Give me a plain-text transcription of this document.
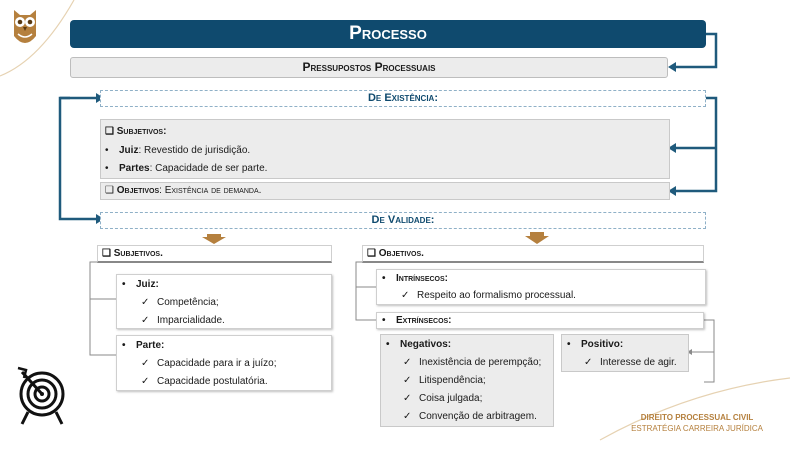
Processo
Pressupostos Processuais
De Existência:
❑ Subjetivos:
• Juiz: Revestido de jurisdição.
• Partes: Capacidade de ser parte.
❑ Objetivos: Existência de demanda.
De Validade:
❑ Subjetivos.
• Juiz:
✓ Competência;
✓ Imparcialidade.
• Parte:
✓ Capacidade para ir a juízo;
✓ Capacidade postulatória.
❑ Objetivos.
• Intrínsecos:
✓ Respeito ao formalismo processual.
• Extrínsecos:
• Negativos:
✓ Inexistência de perempção;
✓ Litispendência;
✓ Coisa julgada;
✓ Convenção de arbitragem.
• Positivo:
✓ Interesse de agir.
DIREITO PROCESSUAL CIVIL
ESTRATÉGIA CARREIRA JURÍDICA
